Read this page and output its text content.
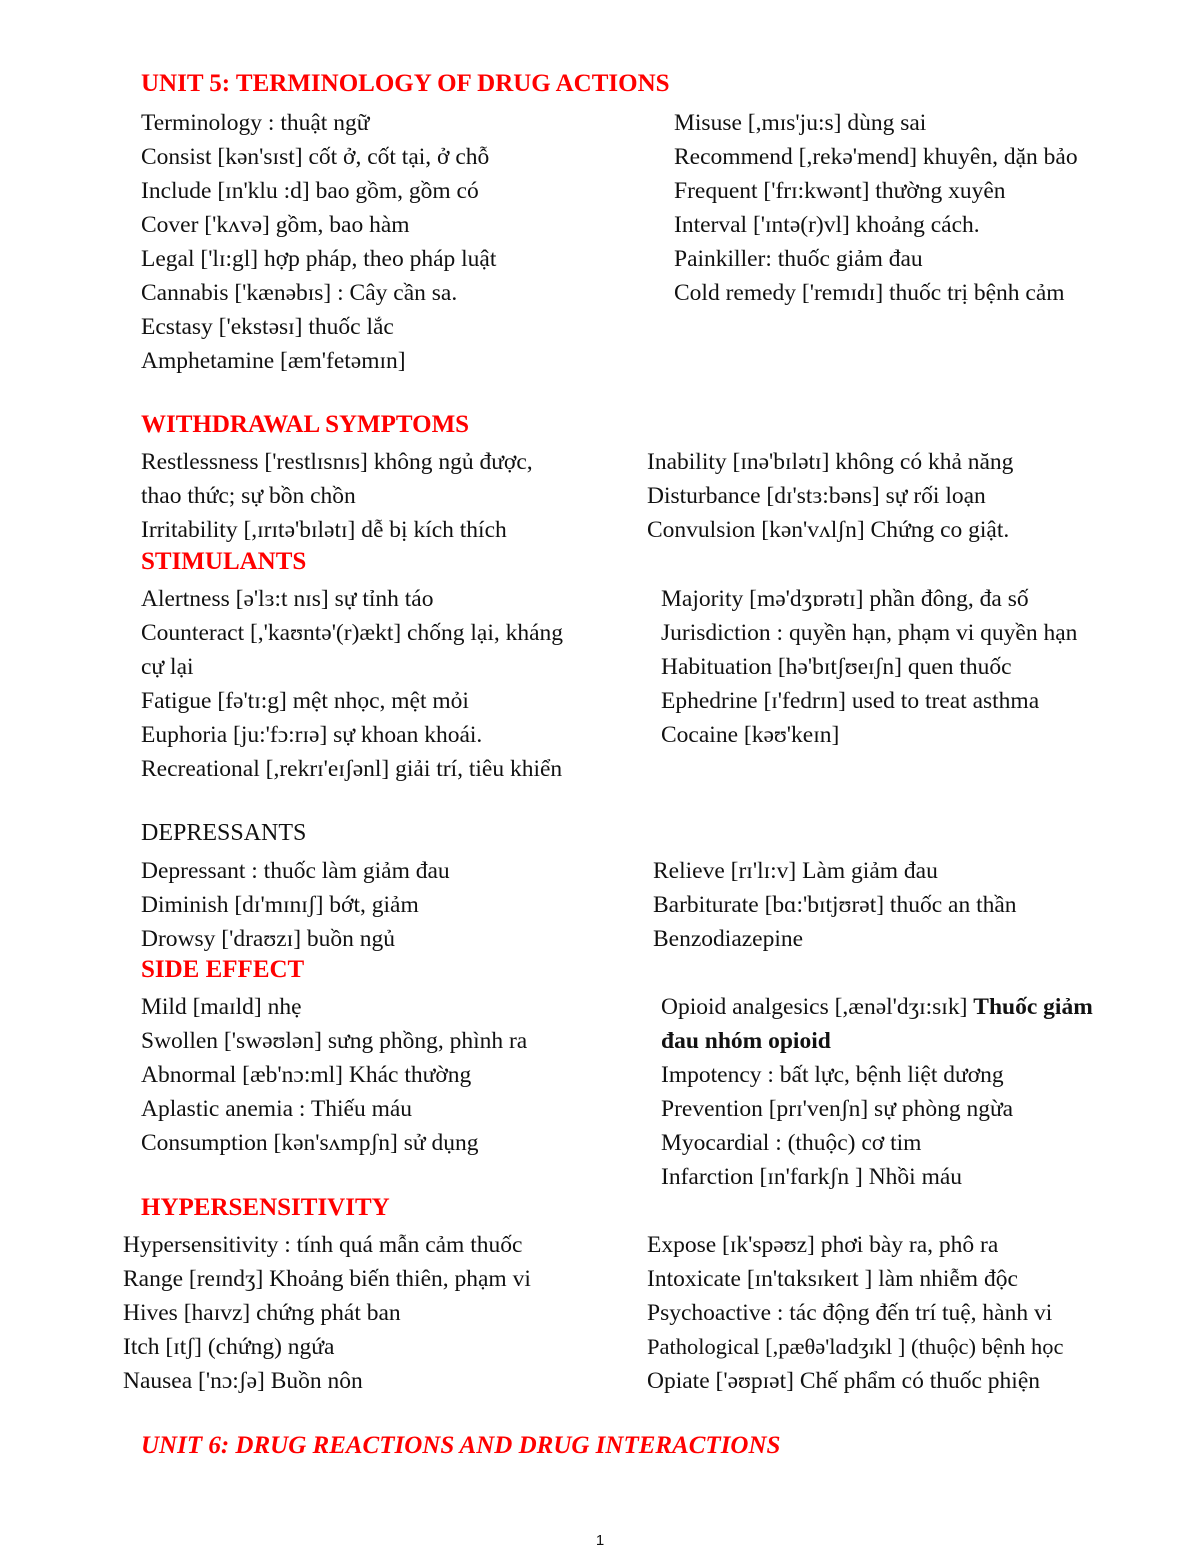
UNIT 5: TERMINOLOGY OF DRUG ACTIONS
Terminology : thuật ngữ
Consist [kən'sɪst] cốt ở, cốt tại, ở chỗ
Include [ɪn'klu :d] bao gồm, gồm có
Cover ['kʌvə] gồm, bao hàm
Legal ['lɪ:gl] hợp pháp, theo pháp luật
Cannabis ['kænəbɪs] : Cây cần sa.
Ecstasy ['ekstəsɪ] thuốc lắc
Amphetamine [æm'fetəmɪn]
Misuse [,mɪs'ju:s] dùng sai
Recommend [,rekə'mend] khuyên, dặn bảo
Frequent ['frɪ:kwənt] thường xuyên
Interval ['ɪntə(r)vl] khoảng cách.
Painkiller: thuốc giảm đau
Cold remedy ['remɪdɪ] thuốc trị bệnh cảm
WITHDRAWAL SYMPTOMS
Restlessness ['restlɪsnɪs] không ngủ được, thao thức; sự bồn chồn
Irritability [,ɪrɪtə'bɪlətɪ] dễ bị kích thích
Inability [ɪnə'bɪlətɪ] không có khả năng
Disturbance [dɪ'stɜ:bəns] sự rối loạn
Convulsion [kən'vʌlʃn] Chứng co giật.
STIMULANTS
Alertness [ə'lɜ:t nɪs] sự tỉnh táo
Counteract [,'kaʊntə'(r)ækt] chống lại, kháng cự lại
Fatigue [fə'tɪ:g] mệt nhọc, mệt mỏi
Euphoria [ju:'fɔ:rɪə] sự khoan khoái.
Recreational [,rekrɪ'eɪʃənl] giải trí, tiêu khiển
Majority [mə'dʒɒrətɪ] phần đông, đa số
Jurisdiction : quyền hạn, phạm vi quyền hạn
Habituation [hə'bɪtʃʊeɪʃn] quen thuốc
Ephedrine [ɪ'fedrɪn] used to treat asthma
Cocaine [kəʊ'keɪn]
DEPRESSANTS
Depressant : thuốc làm giảm đau
Diminish [dɪ'mɪnɪʃ] bớt, giảm
Drowsy ['draʊzɪ] buồn ngủ
Relieve [rɪ'lɪ:v] Làm giảm đau
Barbiturate [bɑ:'bɪtjʊrət] thuốc an thần
Benzodiazepine
SIDE EFFECT
Mild [maɪld] nhẹ
Swollen ['swəʊlən] sưng phồng, phình ra
Abnormal [æb'nɔ:ml] Khác thường
Aplastic anemia : Thiếu máu
Consumption [kən'sʌmpʃn] sử dụng
Opioid analgesics [,ænəl'dʒɪ:sɪk] Thuốc giảm đau nhóm opioid
Impotency : bất lực, bệnh liệt dương
Prevention [prɪ'venʃn] sự phòng ngừa
Myocardial : (thuộc) cơ tim
Infarction [ɪn'fɑrkʃn ] Nhồi máu
HYPERSENSITIVITY
Hypersensitivity : tính quá mẫn cảm thuốc
Range [reɪndʒ] Khoảng biến thiên, phạm vi
Hives [haɪvz] chứng phát ban
Itch [ɪtʃ] (chứng) ngứa
Nausea ['nɔ:ʃə] Buồn nôn
Expose [ɪk'spəʊz] phơi bày ra, phô ra
Intoxicate [ɪn'tɑksɪkeɪt ] làm nhiễm độc
Psychoactive : tác động đến trí tuệ, hành vi
Pathological [,pæθə'lɑdʒɪkl ] (thuộc) bệnh học
Opiate ['əʊpɪət] Chế phẩm có thuốc phiện
UNIT 6: DRUG REACTIONS AND DRUG INTERACTIONS
1
